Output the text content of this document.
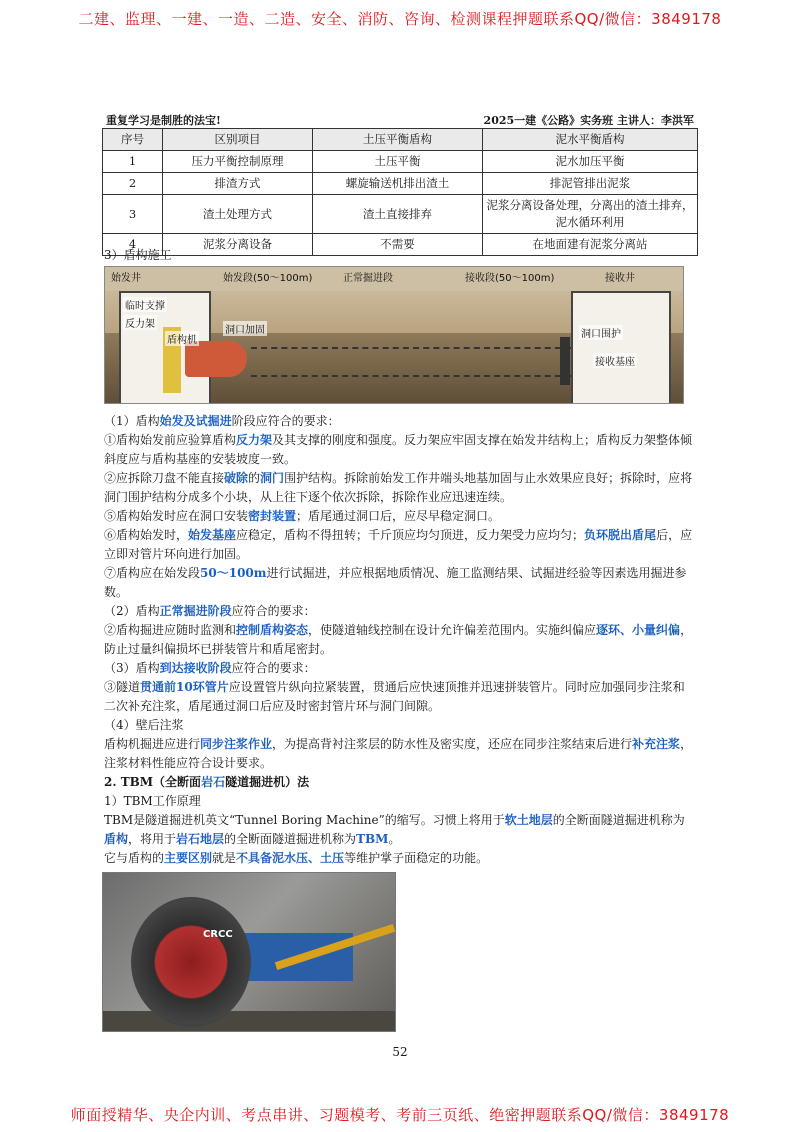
二建、监理、一建、一造、二造、安全、消防、咨询、检测课程押题联系QQ/微信：3849178
重复学习是制胜的法宝!	2025一建《公路》实务班 主讲人：李洪军
序号	区别项目	土压平衡盾构	泥水平衡盾构
1	压力平衡控制原理	土压平衡	泥水加压平衡
2	排渣方式	螺旋输送机排出渣土	排泥管排出泥浆
3	渣土处理方式	渣土直接排弃	泥浆分离设备处理，分离出的渣土排弃，泥水循环利用
4	泥浆分离设备	不需要	在地面建有泥浆分离站
3）盾构施工
始发井	始发段(50～100m)	正常掘进段	接收段(50～100m)	接收井
临时支撑
反力架
盾构机
洞口加固	洞口围护
接收基座

（1）盾构始发及试掘进阶段应符合的要求：

①盾构始发前应验算盾构反力架及其支撑的刚度和强度。反力架应牢固支撑在始发井结构上；盾构反力架整体倾斜度应与盾构基座的安装坡度一致。

②应拆除刀盘不能直接破除的洞门围护结构。拆除前始发工作井端头地基加固与止水效果应良好；拆除时，应将洞门围护结构分成多个小块，从上往下逐个依次拆除，拆除作业应迅速连续。

⑤盾构始发时应在洞口安装密封装置；盾尾通过洞口后，应尽早稳定洞口。

⑥盾构始发时，始发基座应稳定，盾构不得扭转；千斤顶应均匀顶进，反力架受力应均匀；负环脱出盾尾后，应立即对管片环向进行加固。

⑦盾构应在始发段50～100m进行试掘进，并应根据地质情况、施工监测结果、试掘进经验等因素选用掘进参数。

（2）盾构正常掘进阶段应符合的要求：

②盾构掘进应随时监测和控制盾构姿态，使隧道轴线控制在设计允许偏差范围内。实施纠偏应逐环、小量纠偏，防止过量纠偏损坏已拼装管片和盾尾密封。

（3）盾构到达接收阶段应符合的要求：

③隧道贯通前10环管片应设置管片纵向拉紧装置，贯通后应快速顶推并迅速拼装管片。同时应加强同步注浆和二次补充注浆，盾尾通过洞口后应及时密封管片环与洞门间隙。

（4）壁后注浆

盾构机掘进应进行同步注浆作业，为提高背衬注浆层的防水性及密实度，还应在同步注浆结束后进行补充注浆，注浆材料性能应符合设计要求。

2. TBM（全断面岩石隧道掘进机）法

1）TBM工作原理

TBM是隧道掘进机英文“Tunnel Boring Machine”的缩写。习惯上将用于软土地层的全断面隧道掘进机称为盾构，将用于岩石地层的全断面隧道掘进机称为TBM。

它与盾构的主要区别就是不具备泥水压、土压等维护掌子面稳定的功能。

CRCC
52
师面授精华、央企内训、考点串讲、习题模考、考前三页纸、绝密押题联系QQ/微信：3849178
